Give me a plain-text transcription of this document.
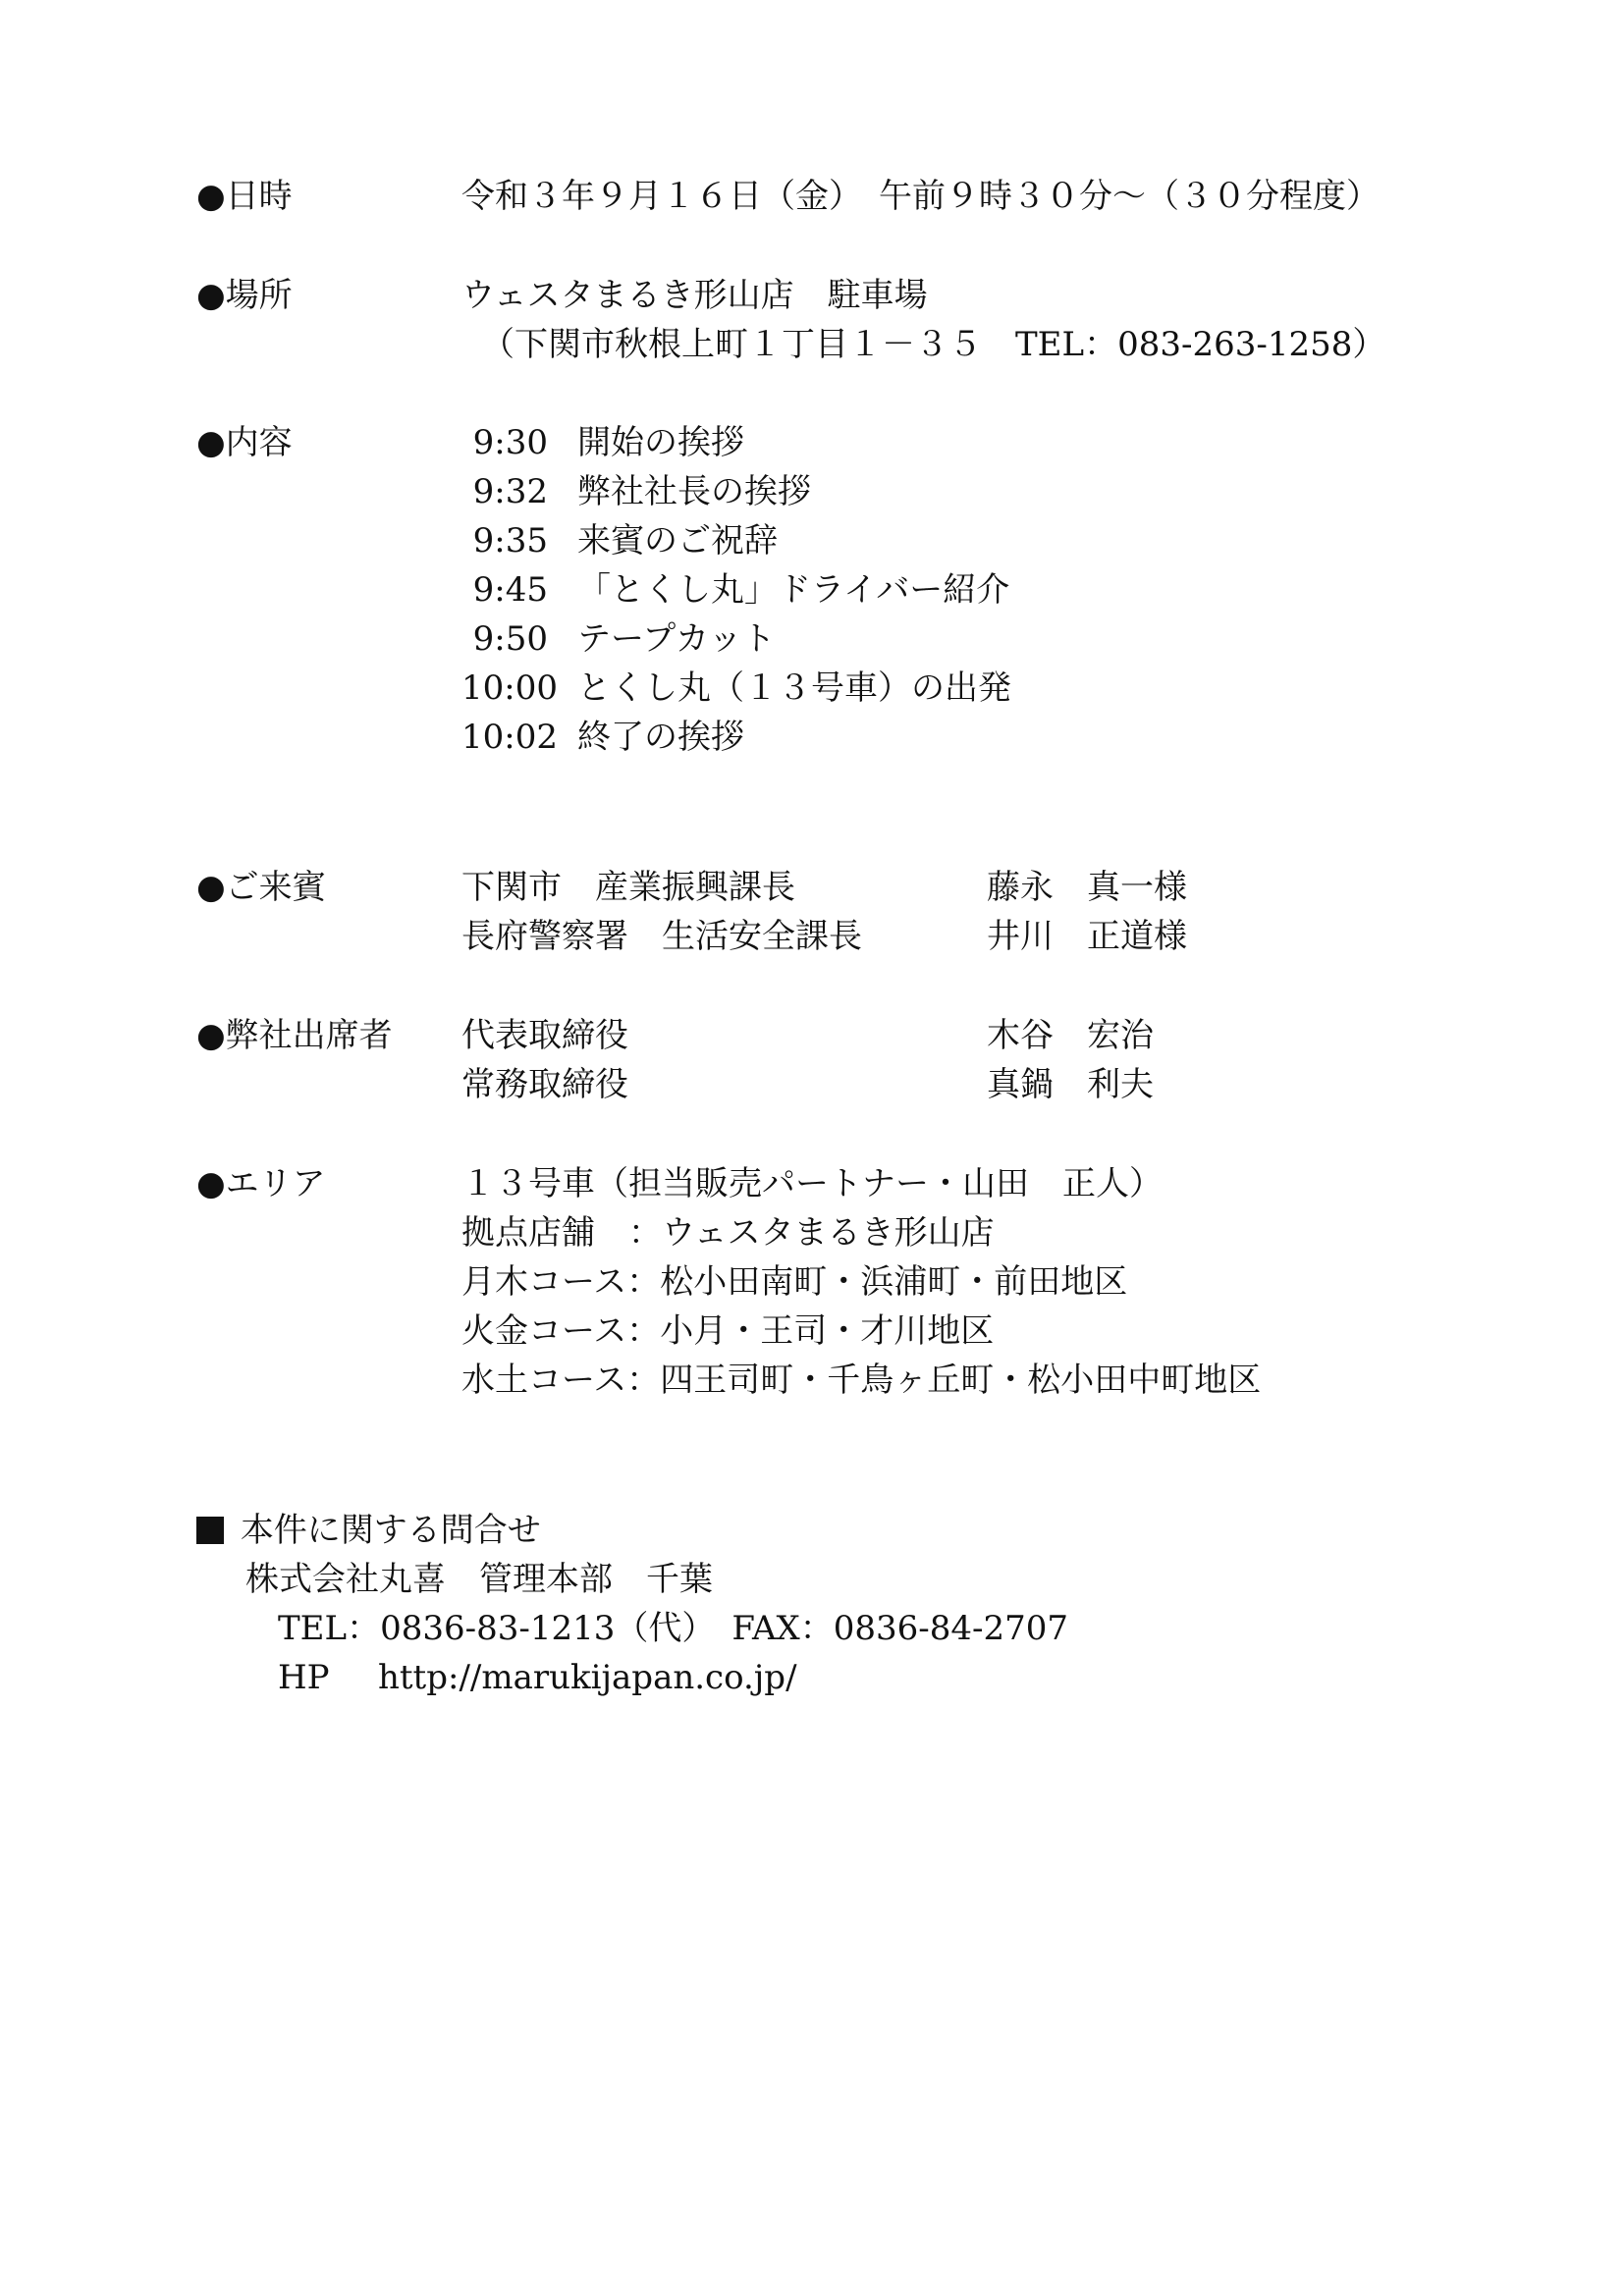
●日時	令和３年９月１６日（金）　午前９時３０分～（３０分程度）
●場所	ウェスタまるき形山店　駐車場
（下関市秋根上町１丁目１－３５　TEL：083-263-1258）
●内容	9:30 開始の挨拶
9:32 弊社社長の挨拶
9:35 来賓のご祝辞
9:45 「とくし丸」ドライバー紹介
9:50 テープカット
10:00 とくし丸（１３号車）の出発
10:02 終了の挨拶
●ご来賓	下関市　産業振興課長	藤永　真一様
長府警察署　生活安全課長	井川　正道様
●弊社出席者 代表取締役	木谷　宏治
常務取締役	真鍋　利夫
●エリア	１３号車（担当販売パートナー・山田　正人）
拠点店舗　：ウェスタまるき形山店
月木コース：松小田南町・浜浦町・前田地区
火金コース：小月・王司・才川地区
水土コース：四王司町・千鳥ヶ丘町・松小田中町地区
本件に関する問合せ
株式会社丸喜　管理本部　千葉
TEL：0836-83-1213（代）　FAX：0836-84-2707
HP http://marukijapan.co.jp/
